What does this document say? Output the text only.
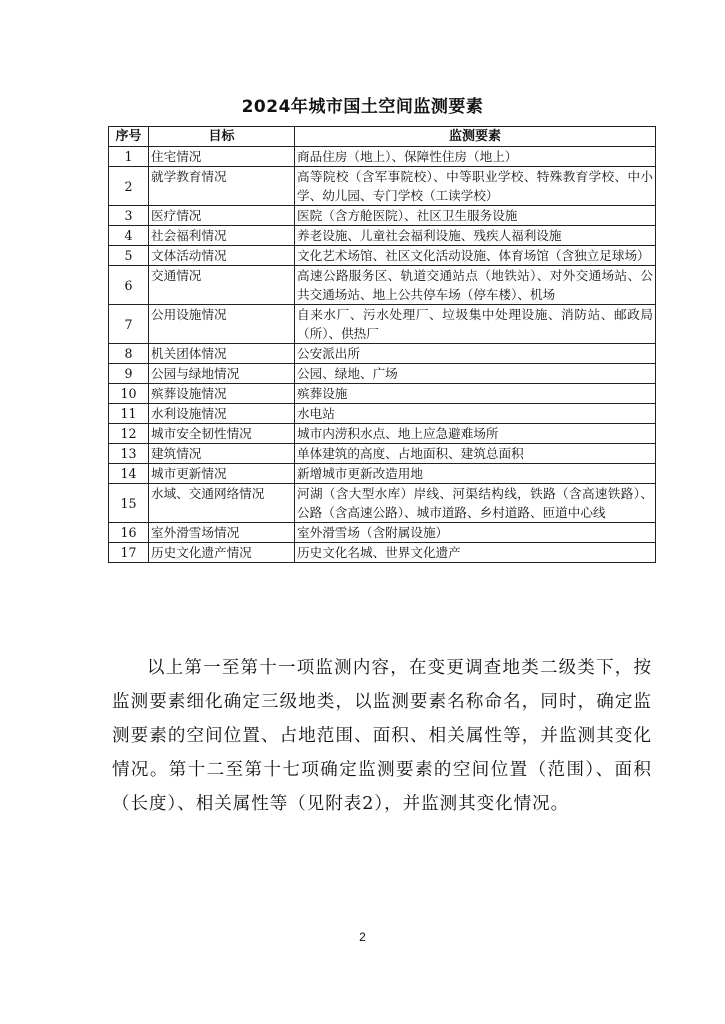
2024年城市国土空间监测要素
序号	目标	监测要素
1	住宅情况	商品住房（地上）、保障性住房（地上）
2	就学教育情况	高等院校（含军事院校）、中等职业学校、特殊教育学校、中小学、幼儿园、专门学校（工读学校）
3	医疗情况	医院（含方舱医院）、社区卫生服务设施
4	社会福利情况	养老设施、儿童社会福利设施、残疾人福利设施
5	文体活动情况	文化艺术场馆、社区文化活动设施、体育场馆（含独立足球场）
6	交通情况	高速公路服务区、轨道交通站点（地铁站）、对外交通场站、公共交通场站、地上公共停车场（停车楼）、机场
7	公用设施情况	自来水厂、污水处理厂、垃圾集中处理设施、消防站、邮政局（所）、供热厂
8	机关团体情况	公安派出所
9	公园与绿地情况	公园、绿地、广场
10	殡葬设施情况	殡葬设施
11	水利设施情况	水电站
12	城市安全韧性情况	城市内涝积水点、地上应急避难场所
13	建筑情况	单体建筑的高度、占地面积、建筑总面积
14	城市更新情况	新增城市更新改造用地
15	水域、交通网络情况	河湖（含大型水库）岸线、河渠结构线，铁路（含高速铁路）、公路（含高速公路）、城市道路、乡村道路、匝道中心线
16	室外滑雪场情况	室外滑雪场（含附属设施）
17	历史文化遗产情况	历史文化名城、世界文化遗产
以上第一至第十一项监测内容，在变更调查地类二级类下，按监测要素细化确定三级地类，以监测要素名称命名，同时，确定监测要素的空间位置、占地范围、面积、相关属性等，并监测其变化情况。第十二至第十七项确定监测要素的空间位置（范围）、面积（长度）、相关属性等（见附表2），并监测其变化情况。
2
